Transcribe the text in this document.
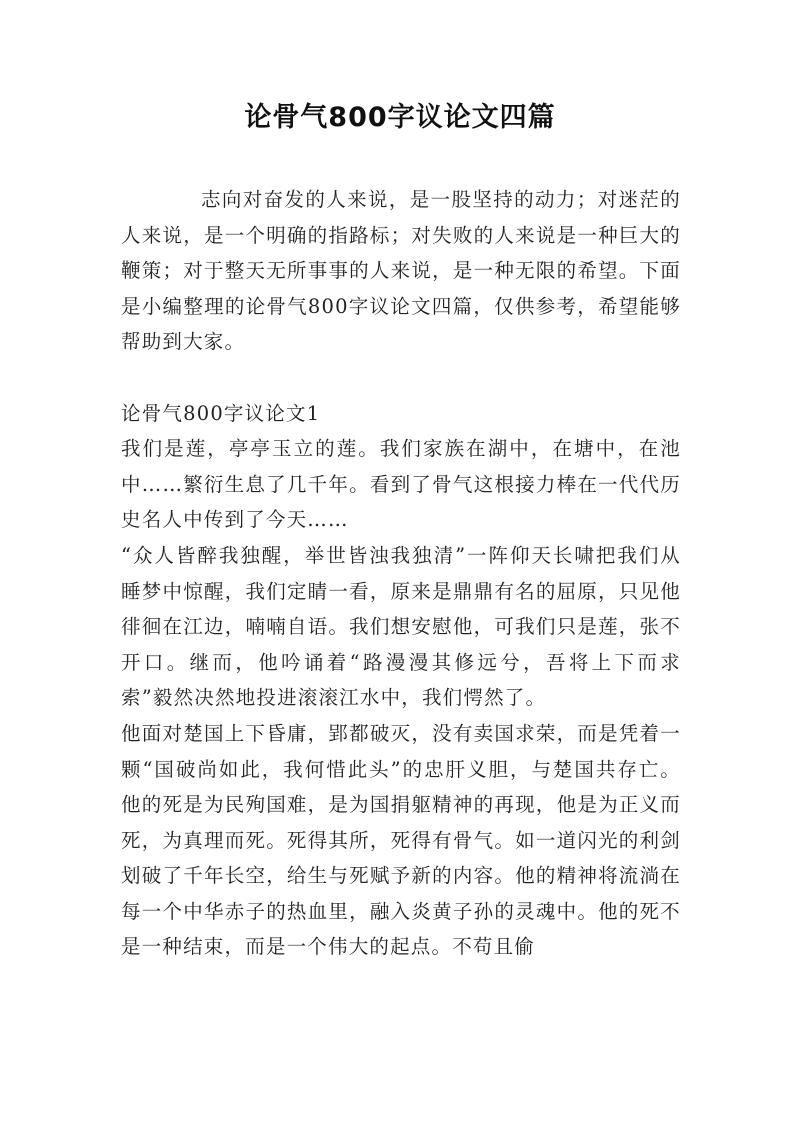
论骨气800字议论文四篇

志向对奋发的人来说，是一股坚持的动力；对迷茫的人来说，是一个明确的指路标；对失败的人来说是一种巨大的鞭策；对于整天无所事事的人来说，是一种无限的希望。下面是小编整理的论骨气800字议论文四篇，仅供参考，希望能够帮助到大家。

论骨气800字议论文1

我们是莲，亭亭玉立的莲。我们家族在湖中，在塘中，在池中……繁衍生息了几千年。看到了骨气这根接力棒在一代代历史名人中传到了今天……

“众人皆醉我独醒，举世皆浊我独清”一阵仰天长啸把我们从睡梦中惊醒，我们定睛一看，原来是鼎鼎有名的屈原，只见他徘徊在江边，喃喃自语。我们想安慰他，可我们只是莲，张不开口。继而，他吟诵着“路漫漫其修远兮，吾将上下而求索”毅然决然地投进滚滚江水中，我们愕然了。

他面对楚国上下昏庸，郢都破灭，没有卖国求荣，而是凭着一颗“国破尚如此，我何惜此头”的忠肝义胆，与楚国共存亡。他的死是为民殉国难，是为国捐躯精神的再现，他是为正义而死，为真理而死。死得其所，死得有骨气。如一道闪光的利剑划破了千年长空，给生与死赋予新的内容。他的精神将流淌在每一个中华赤子的热血里，融入炎黄子孙的灵魂中。他的死不是一种结束，而是一个伟大的起点。不苟且偷
